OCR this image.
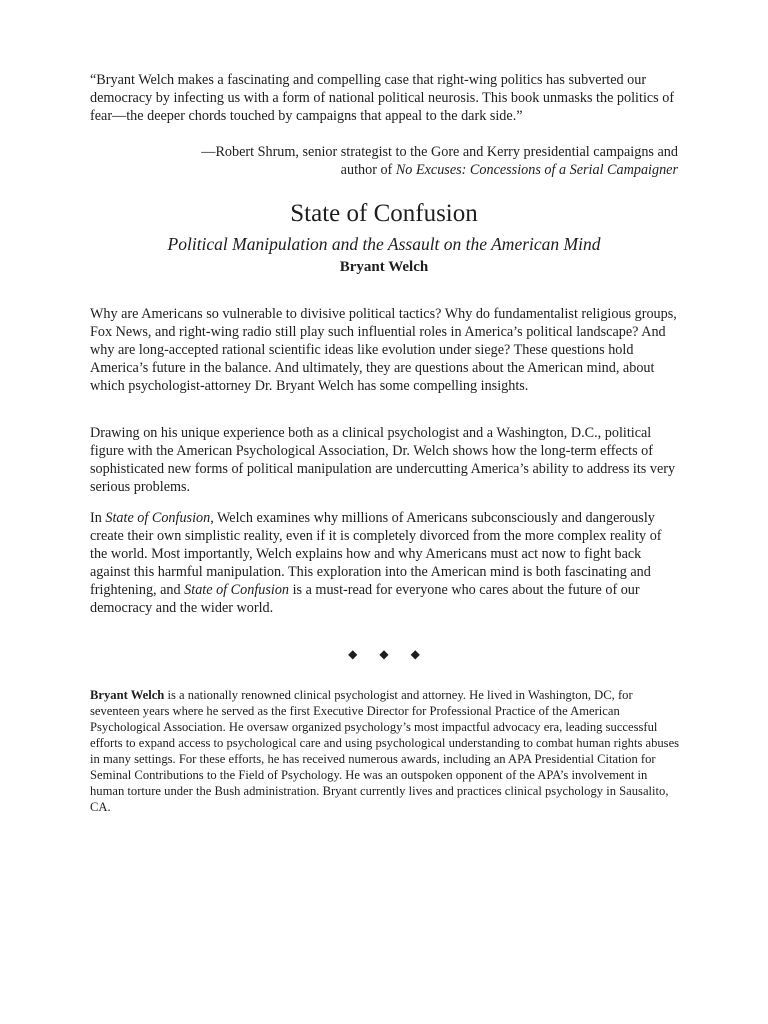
“Bryant Welch makes a fascinating and compelling case that right-wing politics has subverted our democracy by infecting us with a form of national political neurosis. This book unmasks the politics of fear—the deeper chords touched by campaigns that appeal to the dark side.”
—Robert Shrum, senior strategist to the Gore and Kerry presidential campaigns and
author of No Excuses: Concessions of a Serial Campaigner
State of Confusion
Political Manipulation and the Assault on the American Mind
Bryant Welch
Why are Americans so vulnerable to divisive political tactics? Why do fundamentalist religious groups, Fox News, and right-wing radio still play such influential roles in America’s political landscape? And why are long-accepted rational scientific ideas like evolution under siege? These questions hold America’s future in the balance. And ultimately, they are questions about the American mind, about which psychologist-attorney Dr. Bryant Welch has some compelling insights.
Drawing on his unique experience both as a clinical psychologist and a Washington, D.C., political figure with the American Psychological Association, Dr. Welch shows how the long-term effects of sophisticated new forms of political manipulation are undercutting America’s ability to address its very serious problems.
In State of Confusion, Welch examines why millions of Americans subconsciously and dangerously create their own simplistic reality, even if it is completely divorced from the more complex reality of the world. Most importantly, Welch explains how and why Americans must act now to fight back against this harmful manipulation. This exploration into the American mind is both fascinating and frightening, and State of Confusion is a must-read for everyone who cares about the future of our democracy and the wider world.
◆◆◆
Bryant Welch is a nationally renowned clinical psychologist and attorney. He lived in Washington, DC, for seventeen years where he served as the first Executive Director for Professional Practice of the American Psychological Association. He oversaw organized psychology’s most impactful advocacy era, leading successful efforts to expand access to psychological care and using psychological understanding to combat human rights abuses in many settings. For these efforts, he has received numerous awards, including an APA Presidential Citation for Seminal Contributions to the Field of Psychology. He was an outspoken opponent of the APA’s involvement in human torture under the Bush administration. Bryant currently lives and practices clinical psychology in Sausalito, CA.
